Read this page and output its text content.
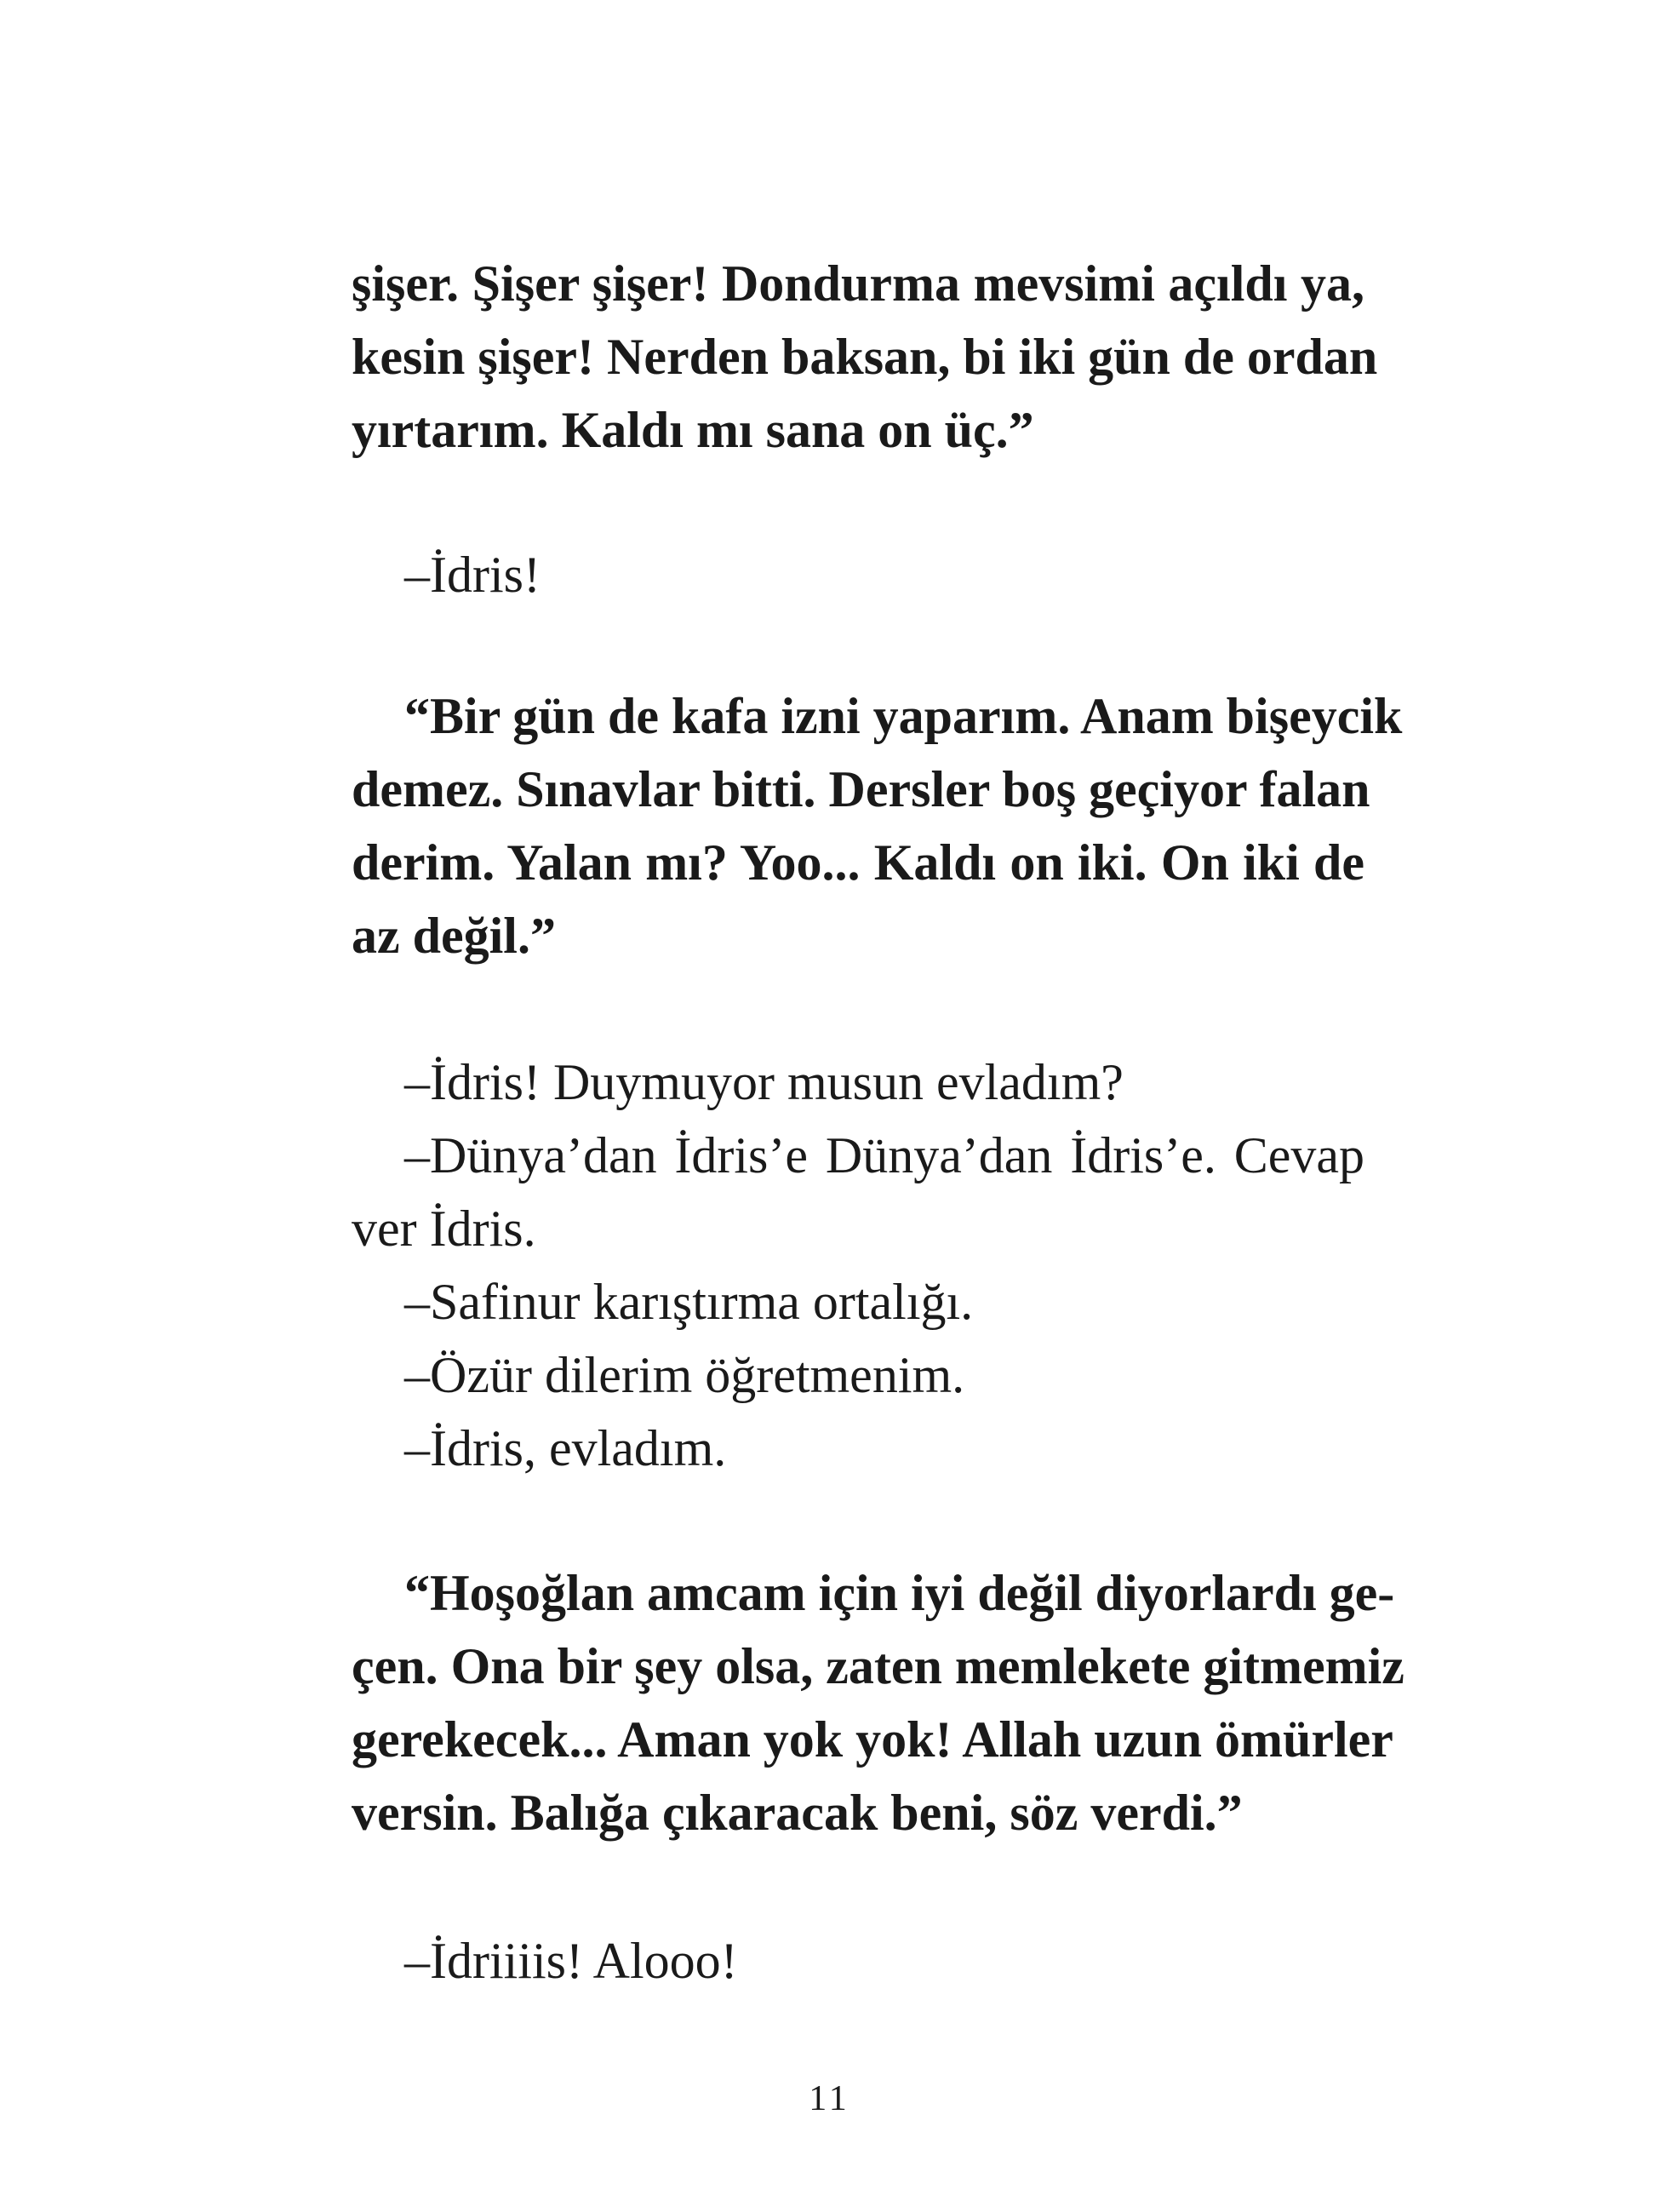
şişer. Şişer şişer! Dondurma mevsimi açıldı ya,
kesin şişer! Nerden baksan, bi iki gün de ordan
yırtarım. Kaldı mı sana on üç.”
–İdris!
“Bir gün de kafa izni yaparım. Anam bişeycik
demez. Sınavlar bitti. Dersler boş geçiyor falan
derim. Yalan mı? Yoo... Kaldı on iki. On iki de
az değil.”
–İdris! Duymuyor musun evladım?
–Dünya’dan İdris’e Dünya’dan İdris’e. Cevap
ver İdris.
–Safinur karıştırma ortalığı.
–Özür dilerim öğretmenim.
–İdris, evladım.
“Hoşoğlan amcam için iyi değil diyorlardı ge-
çen. Ona bir şey olsa, zaten memlekete gitmemiz
gerekecek... Aman yok yok! Allah uzun ömürler
versin. Balığa çıkaracak beni, söz verdi.”
–İdriiiis! Alooo!
11
